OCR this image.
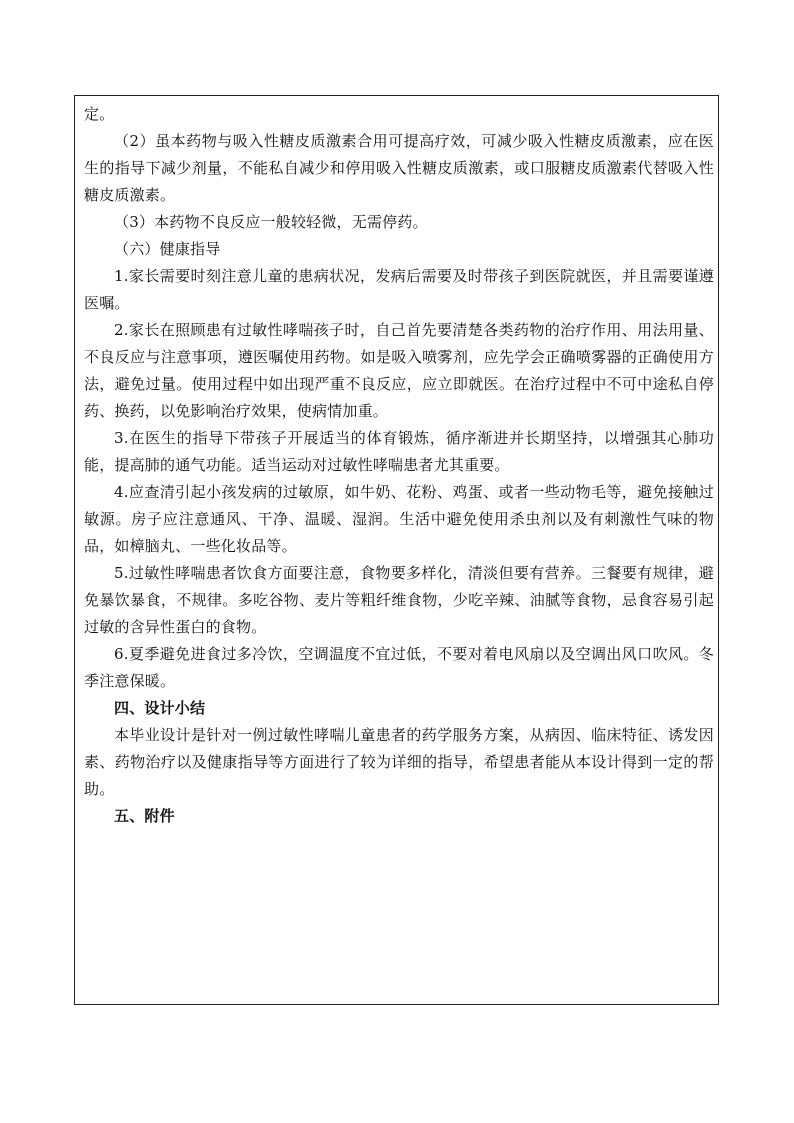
定。

（2）虽本药物与吸入性糖皮质激素合用可提高疗效，可减少吸入性糖皮质激素，应在医生的指导下减少剂量，不能私自减少和停用吸入性糖皮质激素，或口服糖皮质激素代替吸入性糖皮质激素。

（3）本药物不良反应一般较轻微，无需停药。

（六）健康指导

1.家长需要时刻注意儿童的患病状况，发病后需要及时带孩子到医院就医，并且需要谨遵医嘱。

2.家长在照顾患有过敏性哮喘孩子时，自己首先要清楚各类药物的治疗作用、用法用量、不良反应与注意事项，遵医嘱使用药物。如是吸入喷雾剂，应先学会正确喷雾器的正确使用方法，避免过量。使用过程中如出现严重不良反应，应立即就医。在治疗过程中不可中途私自停药、换药，以免影响治疗效果，使病情加重。

3.在医生的指导下带孩子开展适当的体育锻炼，循序渐进并长期坚持，以增强其心肺功能，提高肺的通气功能。适当运动对过敏性哮喘患者尤其重要。

4.应查清引起小孩发病的过敏原，如牛奶、花粉、鸡蛋、或者一些动物毛等，避免接触过敏源。房子应注意通风、干净、温暖、湿润。生活中避免使用杀虫剂以及有刺激性气味的物品，如樟脑丸、一些化妆品等。

5.过敏性哮喘患者饮食方面要注意，食物要多样化，清淡但要有营养。三餐要有规律，避免暴饮暴食，不规律。多吃谷物、麦片等粗纤维食物，少吃辛辣、油腻等食物，忌食容易引起过敏的含异性蛋白的食物。

6.夏季避免进食过多冷饮，空调温度不宜过低，不要对着电风扇以及空调出风口吹风。冬季注意保暖。

四、设计小结

本毕业设计是针对一例过敏性哮喘儿童患者的药学服务方案，从病因、临床特征、诱发因素、药物治疗以及健康指导等方面进行了较为详细的指导，希望患者能从本设计得到一定的帮助。

五、附件
